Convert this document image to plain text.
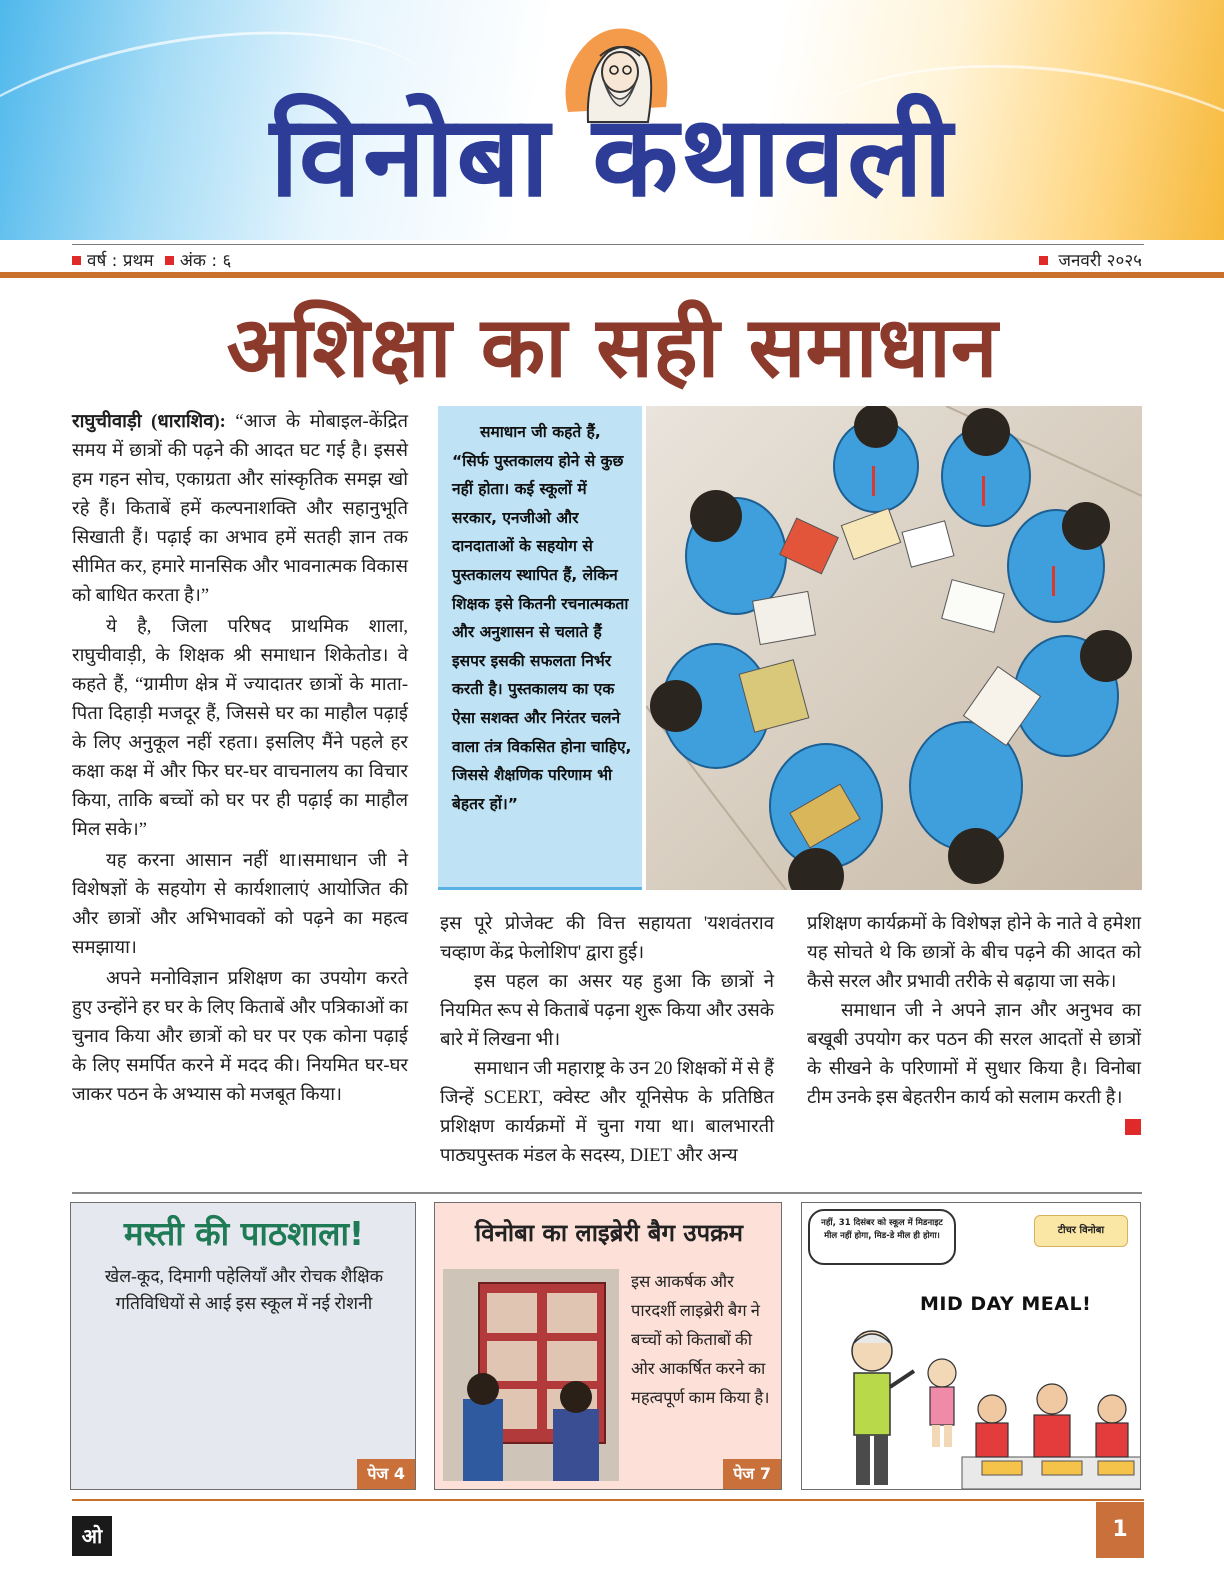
विनोबा कथावली
वर्ष : प्रथम अंक : ६	जनवरी २०२५
अशिक्षा का सही समाधान

राघुचीवाड़ी (धाराशिव): “आज के मोबाइल-केंद्रित समय में छात्रों की पढ़ने की आदत घट गई है। इससे हम गहन सोच, एकाग्रता और सांस्कृतिक समझ खो रहे हैं। किताबें हमें कल्पनाशक्ति और सहानुभूति सिखाती हैं। पढ़ाई का अभाव हमें सतही ज्ञान तक सीमित कर, हमारे मानसिक और भावनात्मक विकास को बाधित करता है।”

ये है, जिला परिषद प्राथमिक शाला, राघुचीवाड़ी, के शिक्षक श्री समाधान शिकेतोड। वे कहते हैं, “ग्रामीण क्षेत्र में ज्यादातर छात्रों के माता-पिता दिहाड़ी मजदूर हैं, जिससे घर का माहौल पढ़ाई के लिए अनुकूल नहीं रहता। इसलिए मैंने पहले हर कक्षा कक्ष में और फिर घर-घर वाचनालय का विचार किया, ताकि बच्चों को घर पर ही पढ़ाई का माहौल मिल सके।”

यह करना आसान नहीं था।समाधान जी ने विशेषज्ञों के सहयोग से कार्यशालाएं आयोजित की और छात्रों और अभिभावकों को पढ़ने का महत्व समझाया।

अपने मनोविज्ञान प्रशिक्षण का उपयोग करते हुए उन्होंने हर घर के लिए किताबें और पत्रिकाओं का चुनाव किया और छात्रों को घर पर एक कोना पढ़ाई के लिए समर्पित करने में मदद की। नियमित घर-घर जाकर पठन के अभ्यास को मजबूत किया।

समाधान जी कहते हैं,
“सिर्फ पुस्तकालय होने से कुछ नहीं होता। कई स्कूलों में सरकार, एनजीओ और दानदाताओं के सहयोग से पुस्तकालय स्थापित हैं, लेकिन शिक्षक इसे कितनी रचनात्मकता और अनुशासन से चलाते हैं इसपर इसकी सफलता निर्भर करती है। पुस्तकालय का एक ऐसा सशक्त और निरंतर चलने वाला तंत्र विकसित होना चाहिए, जिससे शैक्षणिक परिणाम भी बेहतर हों।”

इस पूरे प्रोजेक्ट की वित्त सहायता 'यशवंतराव चव्हाण केंद्र फेलोशिप' द्वारा हुई।

इस पहल का असर यह हुआ कि छात्रों ने नियमित रूप से किताबें पढ़ना शुरू किया और उसके बारे में लिखना भी।

समाधान जी महाराष्ट्र के उन 20 शिक्षकों में से हैं जिन्हें SCERT, क्वेस्ट और यूनिसेफ के प्रतिष्ठित प्रशिक्षण कार्यक्रमों में चुना गया था। बालभारती पाठ्यपुस्तक मंडल के सदस्य, DIET और अन्य

प्रशिक्षण कार्यक्रमों के विशेषज्ञ होने के नाते वे हमेशा यह सोचते थे कि छात्रों के बीच पढ़ने की आदत को कैसे सरल और प्रभावी तरीके से बढ़ाया जा सके।

समाधान जी ने अपने ज्ञान और अनुभव का बखूबी उपयोग कर पठन की सरल आदतों से छात्रों के सीखने के परिणामों में सुधार किया है। विनोबा टीम उनके इस बेहतरीन कार्य को सलाम करती है।

मस्ती की पाठशाला!
खेल-कूद, दिमागी पहेलियाँ और रोचक शैक्षिक गतिविधियों से आई इस स्कूल में नई रोशनी
पेज 4
विनोबा का लाइब्रेरी बैग उपक्रम
इस आकर्षक और पारदर्शी लाइब्रेरी बैग ने बच्चों को किताबों की ओर आकर्षित करने का महत्वपूर्ण काम किया है।
पेज 7
नहीं, 31 दिसंबर को स्कूल में मिडनाइट मील नहीं होगा, मिड-डे मील ही होगा।	टीचर विनोबा
MID DAY MEAL!
ओ	1
